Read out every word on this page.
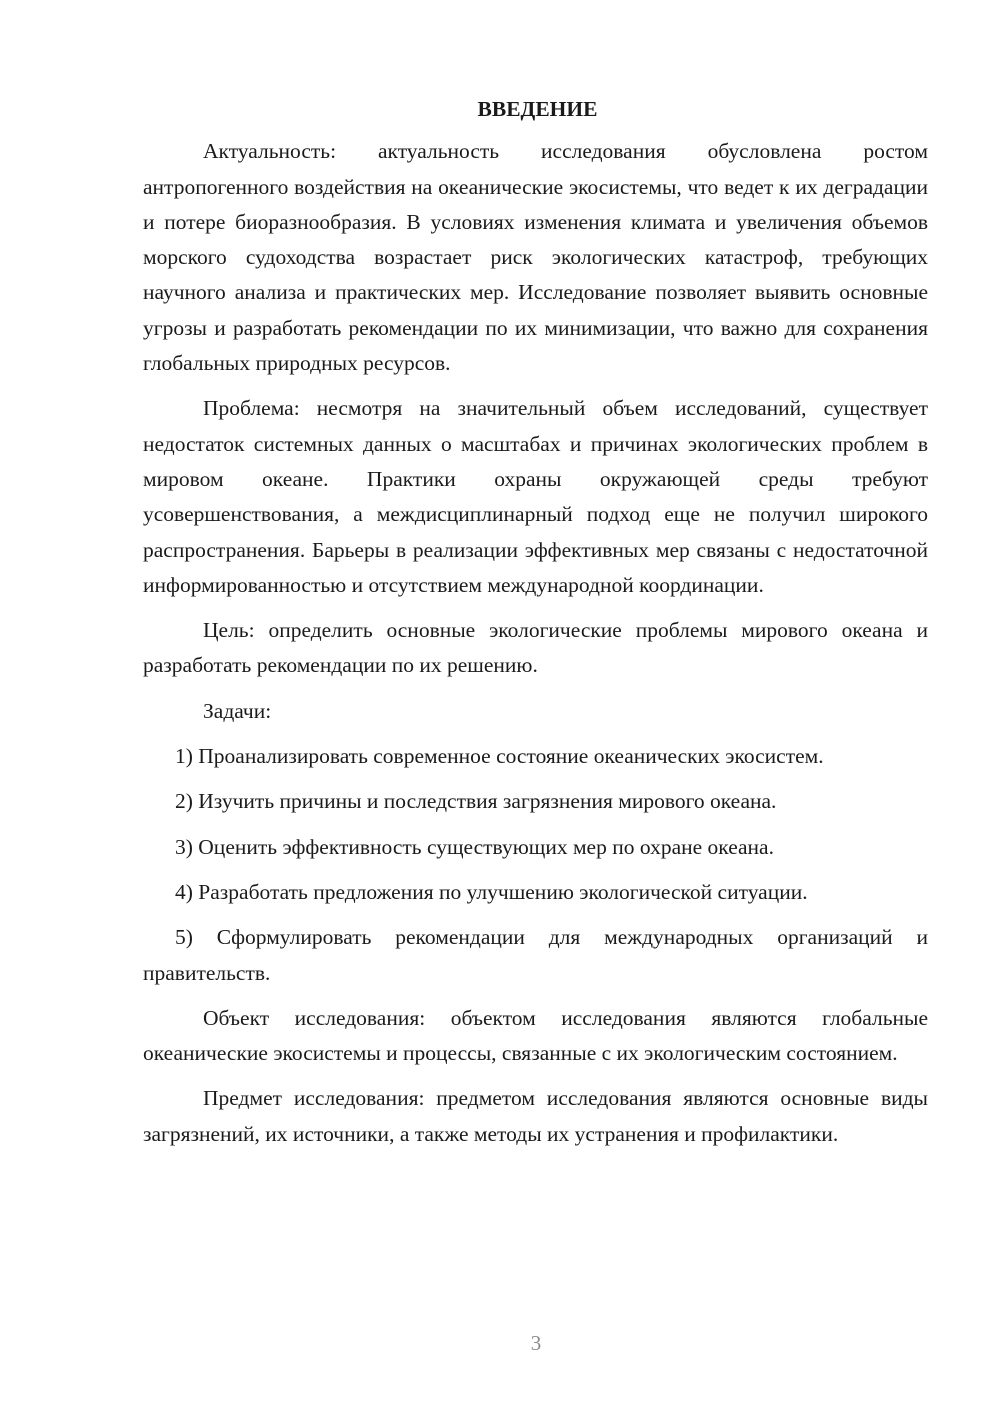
ВВЕДЕНИЕ

Актуальность: актуальность исследования обусловлена ростом антропогенного воздействия на океанические экосистемы, что ведет к их деградации и потере биоразнообразия. В условиях изменения климата и увеличения объемов морского судоходства возрастает риск экологических катастроф, требующих научного анализа и практических мер. Исследование позволяет выявить основные угрозы и разработать рекомендации по их минимизации, что важно для сохранения глобальных природных ресурсов.

Проблема: несмотря на значительный объем исследований, существует недостаток системных данных о масштабах и причинах экологических проблем в мировом океане. Практики охраны окружающей среды требуют усовершенствования, а междисциплинарный подход еще не получил широкого распространения. Барьеры в реализации эффективных мер связаны с недостаточной информированностью и отсутствием международной координации.

Цель: определить основные экологические проблемы мирового океана и разработать рекомендации по их решению.

Задачи:

1) Проанализировать современное состояние океанических экосистем.

2) Изучить причины и последствия загрязнения мирового океана.

3) Оценить эффективность существующих мер по охране океана.

4) Разработать предложения по улучшению экологической ситуации.

5) Сформулировать рекомендации для международных организаций и правительств.

Объект исследования: объектом исследования являются глобальные океанические экосистемы и процессы, связанные с их экологическим состоянием.

Предмет исследования: предметом исследования являются основные виды загрязнений, их источники, а также методы их устранения и профилактики.

3
